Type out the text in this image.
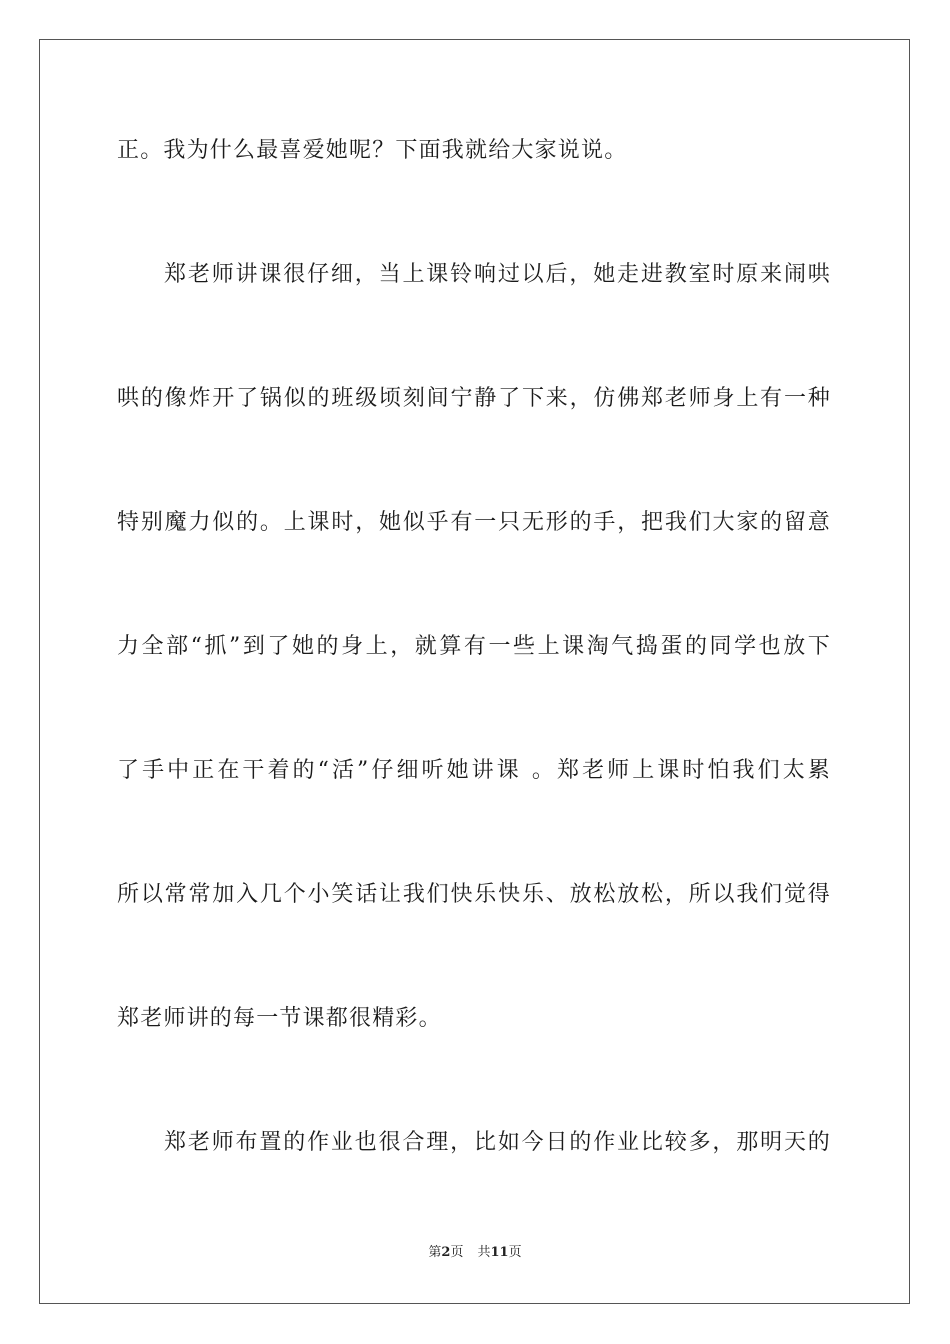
正。我为什么最喜爱她呢？下面我就给大家说说。
郑老师讲课很仔细，当上课铃响过以后，她走进教室时原来闹哄
哄的像炸开了锅似的班级顷刻间宁静了下来，仿佛郑老师身上有一种
特别魔力似的。上课时，她似乎有一只无形的手，把我们大家的留意
力全部“抓”到了她的身上，就算有一些上课淘气捣蛋的同学也放下
了手中正在干着的“活”仔细听她讲课 。郑老师上课时怕我们太累
所以常常加入几个小笑话让我们快乐快乐、放松放松，所以我们觉得
郑老师讲的每一节课都很精彩。
郑老师布置的作业也很合理，比如今日的作业比较多，那明天的
第2页 共11页
